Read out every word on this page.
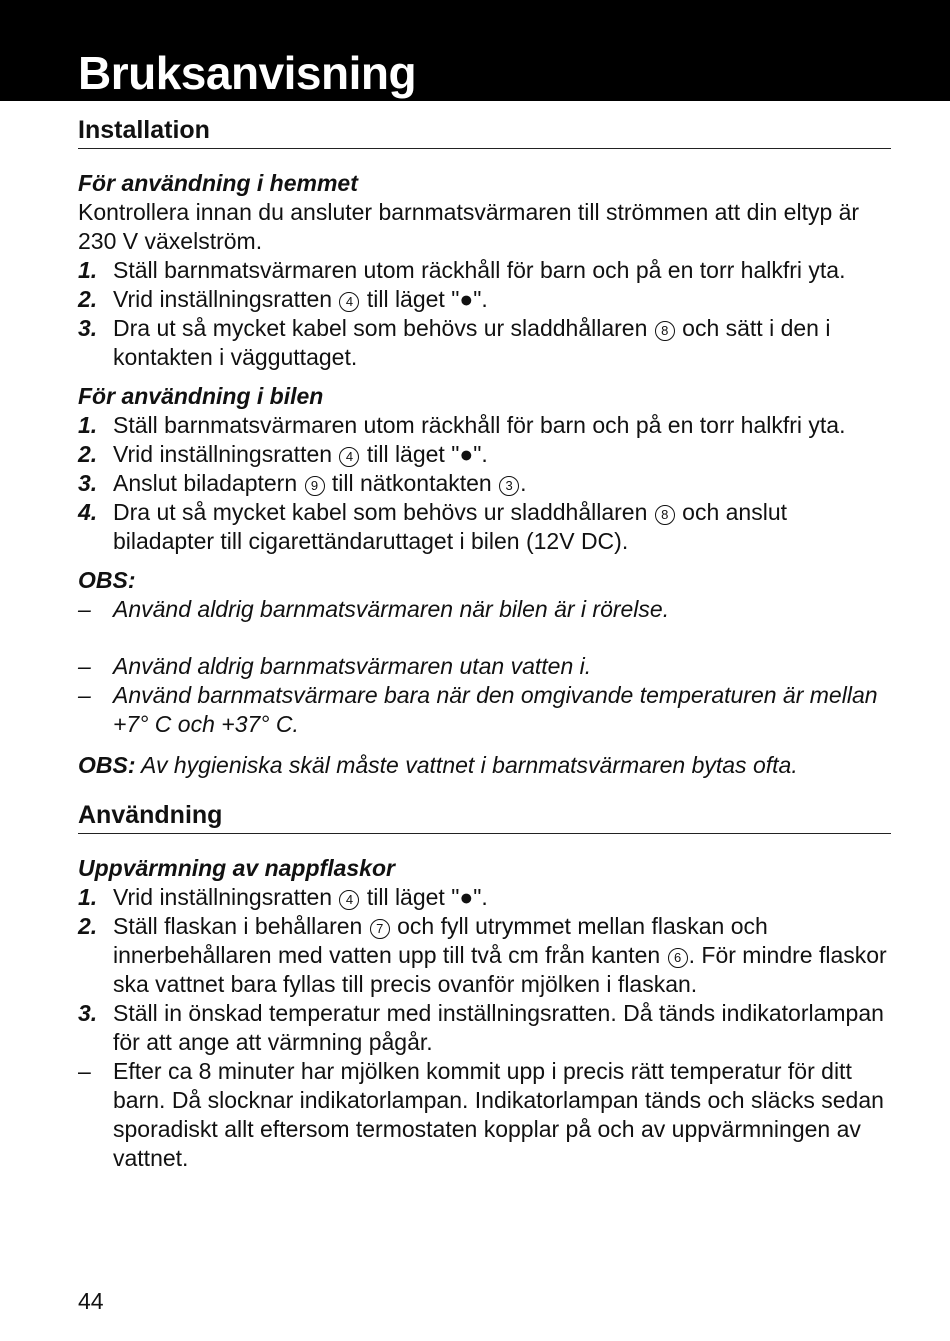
Bruksanvisning
Installation
För användning i hemmet

Kontrollera innan du ansluter barnmatsvärmaren till strömmen att din eltyp är 230 V växelström.

1. Ställ barnmatsvärmaren utom räckhåll för barn och på en torr halkfri yta.
2. Vrid inställningsratten 4 till läget "●".
3. Dra ut så mycket kabel som behövs ur sladdhållaren 8 och sätt i den i kontakten i vägguttaget.
För användning i bilen
1. Ställ barnmatsvärmaren utom räckhåll för barn och på en torr halkfri yta.
2. Vrid inställningsratten 4 till läget "●".
3. Anslut biladaptern 9 till nätkontakten 3 .
4. Dra ut så mycket kabel som behövs ur sladdhållaren 8 och anslut biladapter till cigarettändaruttaget i bilen (12V DC).

OBS:

– Använd aldrig barnmatsvärmaren när bilen är i rörelse.
– Använd aldrig barnmatsvärmaren utan vatten i.
– Använd barnmatsvärmare bara när den omgivande temperaturen är mellan +7° C och +37° C.

OBS: Av hygieniska skäl måste vattnet i barnmatsvärmaren bytas ofta.

Användning
Uppvärmning av nappflaskor
1. Vrid inställningsratten 4 till läget "●".
2. Ställ flaskan i behållaren 7 och fyll utrymmet mellan flaskan och innerbehållaren med vatten upp till två cm från kanten 6 . För mindre flaskor ska vattnet bara fyllas till precis ovanför mjölken i flaskan.
3. Ställ in önskad temperatur med inställningsratten. Då tänds indikatorlampan för att ange att värmning pågår.
– Efter ca 8 minuter har mjölken kommit upp i precis rätt temperatur för ditt barn. Då slocknar indikatorlampan. Indikatorlampan tänds och släcks sedan sporadiskt allt eftersom termostaten kopplar på och av uppvärmningen av vattnet.
44
